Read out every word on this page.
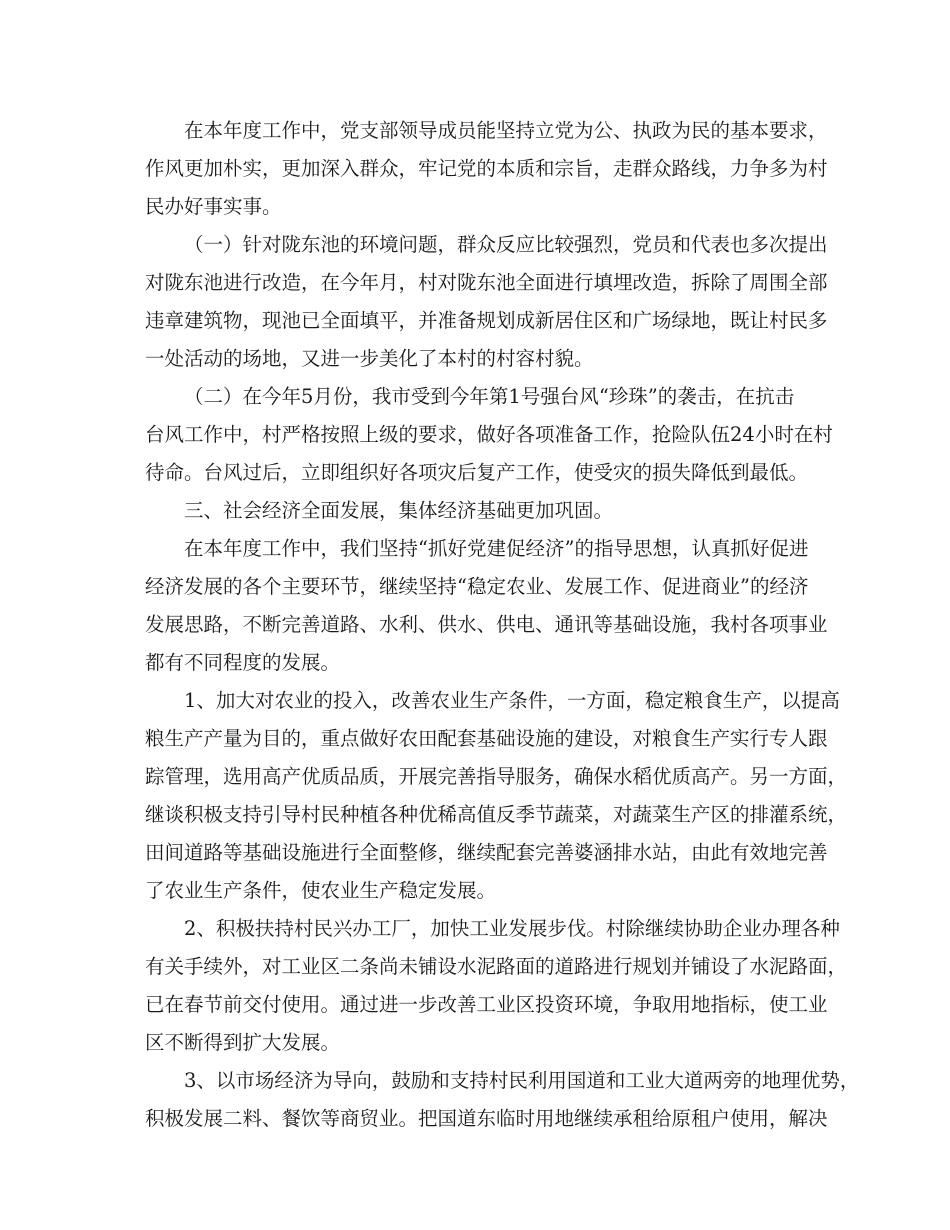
在本年度工作中，党支部领导成员能坚持立党为公、执政为民的基本要求，
作风更加朴实，更加深入群众，牢记党的本质和宗旨，走群众路线，力争多为村
民办好事实事。
（一）针对陇东池的环境问题，群众反应比较强烈，党员和代表也多次提出
对陇东池进行改造，在今年月，村对陇东池全面进行填埋改造，拆除了周围全部
违章建筑物，现池已全面填平，并准备规划成新居住区和广场绿地，既让村民多
一处活动的场地，又进一步美化了本村的村容村貌。
（二）在今年5月份，我市受到今年第1号强台风“珍珠”的袭击，在抗击
台风工作中，村严格按照上级的要求，做好各项准备工作，抢险队伍24小时在村
待命。台风过后，立即组织好各项灾后复产工作，使受灾的损失降低到最低。
三、社会经济全面发展，集体经济基础更加巩固。
在本年度工作中，我们坚持“抓好党建促经济”的指导思想，认真抓好促进
经济发展的各个主要环节，继续坚持“稳定农业、发展工作、促进商业”的经济
发展思路，不断完善道路、水利、供水、供电、通讯等基础设施，我村各项事业
都有不同程度的发展。
1、加大对农业的投入，改善农业生产条件，一方面，稳定粮食生产，以提高
粮生产产量为目的，重点做好农田配套基础设施的建设，对粮食生产实行专人跟
踪管理，选用高产优质品质，开展完善指导服务，确保水稻优质高产。另一方面，
继谈积极支持引导村民种植各种优稀高值反季节蔬菜，对蔬菜生产区的排灌系统，
田间道路等基础设施进行全面整修，继续配套完善婆涵排水站，由此有效地完善
了农业生产条件，使农业生产稳定发展。
2、积极扶持村民兴办工厂，加快工业发展步伐。村除继续协助企业办理各种
有关手续外，对工业区二条尚未铺设水泥路面的道路进行规划并铺设了水泥路面，
已在春节前交付使用。通过进一步改善工业区投资环境，争取用地指标，使工业
区不断得到扩大发展。
3、以市场经济为导向，鼓励和支持村民利用国道和工业大道两旁的地理优势，
积极发展二料、餐饮等商贸业。把国道东临时用地继续承租给原租户使用，解决
